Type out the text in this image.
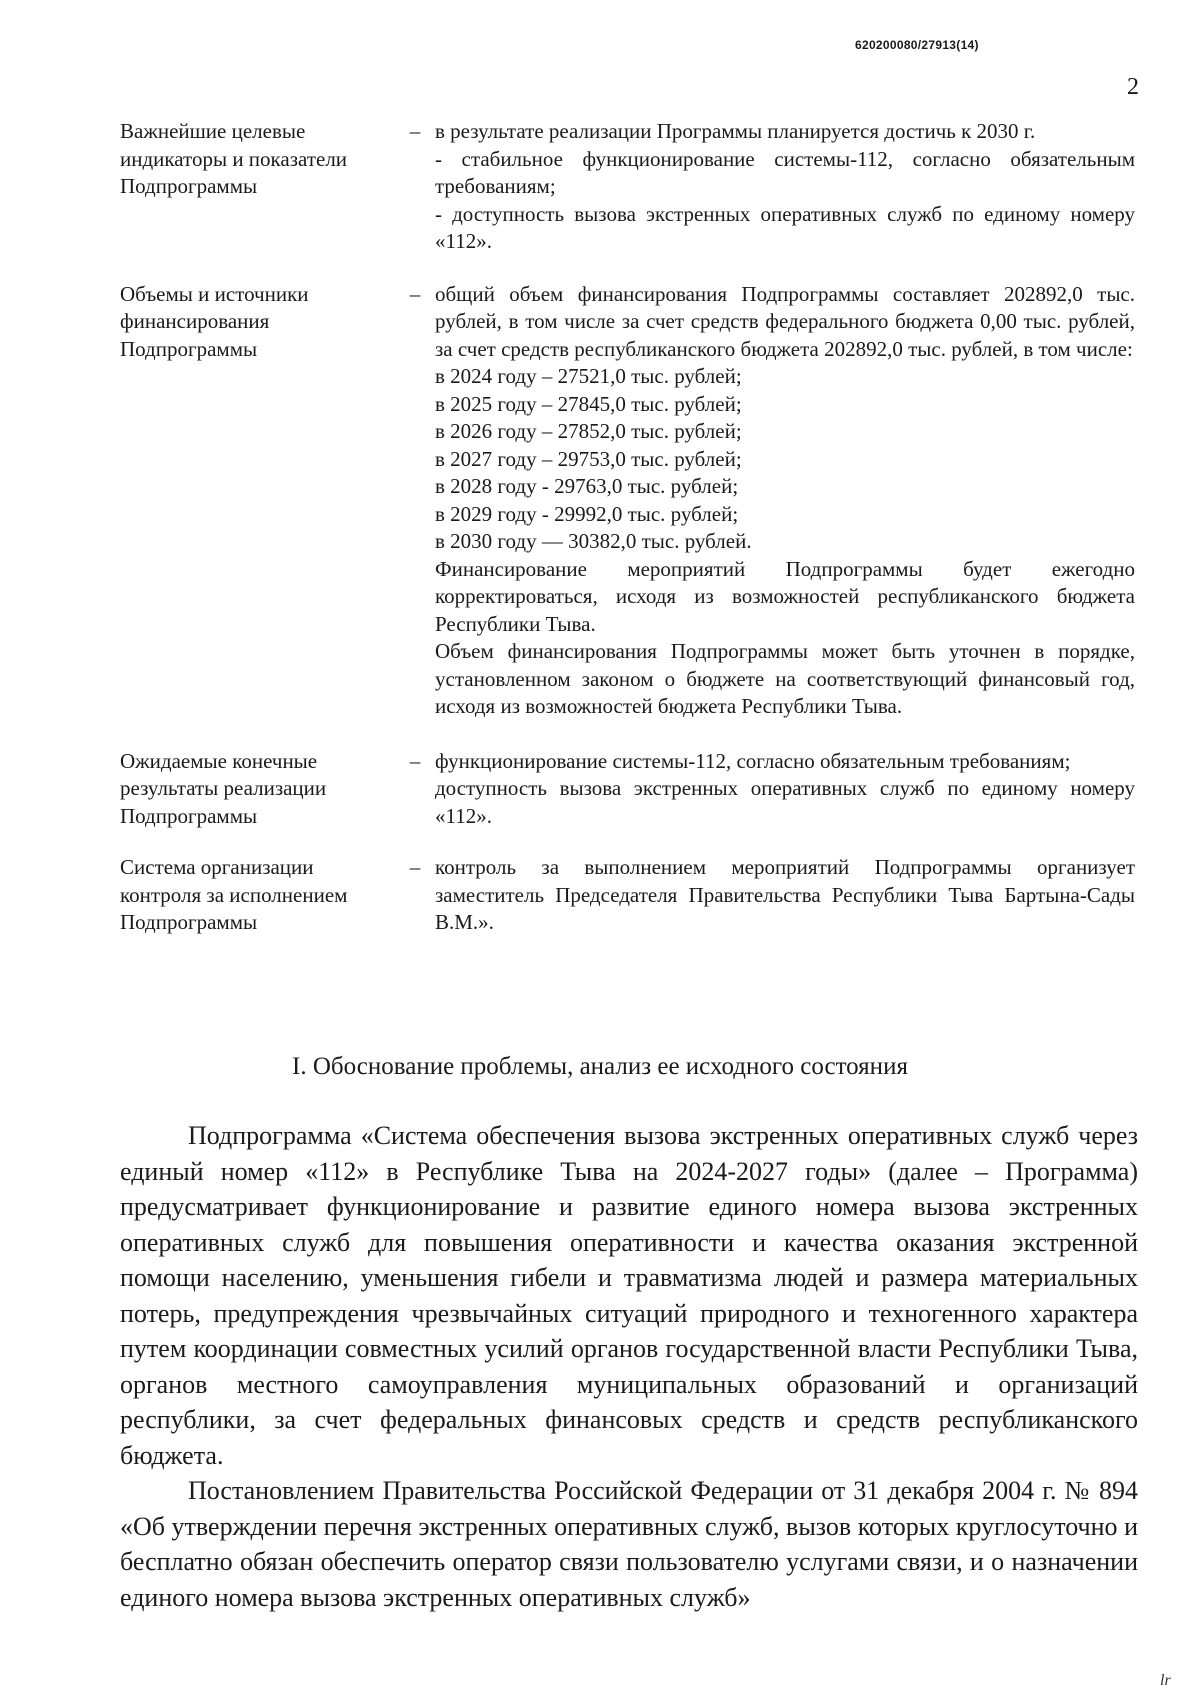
620200080/27913(14)
2
Важнейшие целевые индикаторы и показатели Подпрограммы
– в результате реализации Программы планируется достичь к 2030 г.

- стабильное функционирование системы-112, согласно обязательным требованиям;

- доступность вызова экстренных оперативных служб по единому номеру «112».

Объемы и источники финансирования Подпрограммы
– общий объем финансирования Подпрограммы составляет 202892,0 тыс. рублей, в том числе за счет средств федерального бюджета 0,00 тыс. рублей, за счет средств республиканского бюджета 202892,0 тыс. рублей, в том числе:

в 2024 году – 27521,0 тыс. рублей;

в 2025 году – 27845,0 тыс. рублей;

в 2026 году – 27852,0 тыс. рублей;

в 2027 году – 29753,0 тыс. рублей;

в 2028 году - 29763,0 тыс. рублей;

в 2029 году - 29992,0 тыс. рублей;

в 2030 году — 30382,0 тыс. рублей.

Финансирование мероприятий Подпрограммы будет ежегодно корректироваться, исходя из возможностей республиканского бюджета Республики Тыва.

Объем финансирования Подпрограммы может быть уточнен в порядке, установленном законом о бюджете на соответствующий финансовый год, исходя из возможностей бюджета Республики Тыва.

Ожидаемые конечные результаты реализации Подпрограммы
– функционирование системы-112, согласно обязательным требованиям;

доступность вызова экстренных оперативных служб по единому номеру «112».

Система организации контроля за исполнением Подпрограммы
– контроль за выполнением мероприятий Подпрограммы организует заместитель Председателя Правительства Республики Тыва Бартына-Сады В.М.».

I. Обоснование проблемы, анализ ее исходного состояния

Подпрограмма «Система обеспечения вызова экстренных оперативных служб через единый номер «112» в Республике Тыва на 2024-2027 годы» (далее – Программа) предусматривает функционирование и развитие единого номера вызова экстренных оперативных служб для повышения оперативности и качества оказания экстренной помощи населению, уменьшения гибели и травматизма людей и размера материальных потерь, предупреждения чрезвычайных ситуаций природного и техногенного характера путем координации совместных усилий органов государственной власти Республики Тыва, органов местного самоуправления муниципальных образований и организаций республики, за счет федеральных финансовых средств и средств республиканского бюджета.

Постановлением Правительства Российской Федерации от 31 декабря 2004 г. № 894 «Об утверждении перечня экстренных оперативных служб, вызов которых круглосуточно и бесплатно обязан обеспечить оператор связи пользователю услугами связи, и о назначении единого номера вызова экстренных оперативных служб»

lr
